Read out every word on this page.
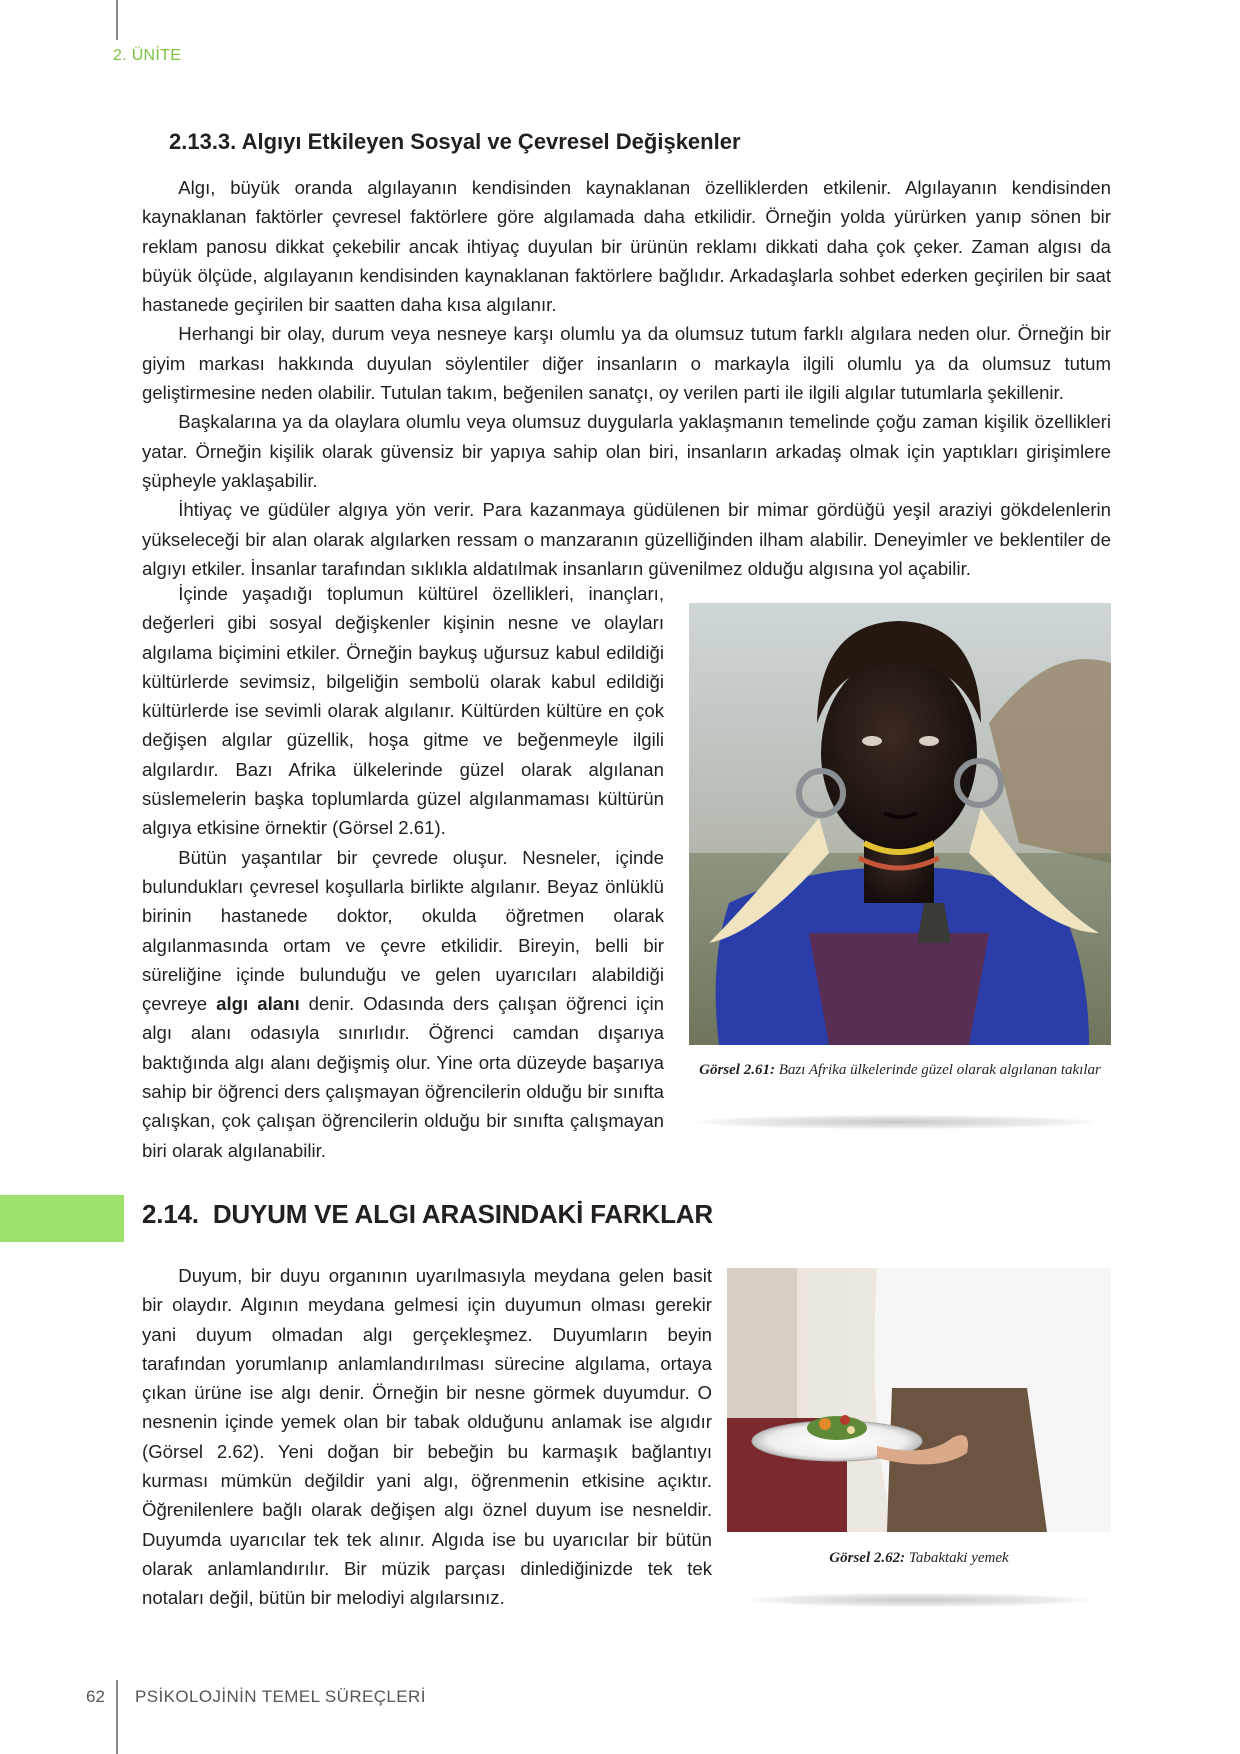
2. ÜNİTE
2.13.3. Algıyı Etkileyen Sosyal ve Çevresel Değişkenler

Algı, büyük oranda algılayanın kendisinden kaynaklanan özelliklerden etkilenir. Algılayanın kendisinden kaynaklanan faktörler çevresel faktörlere göre algılamada daha etkilidir. Örneğin yolda yürürken yanıp sönen bir reklam panosu dikkat çekebilir ancak ihtiyaç duyulan bir ürünün reklamı dikkati daha çok çeker. Zaman algısı da büyük ölçüde, algılayanın kendisinden kaynaklanan faktörlere bağlıdır. Arkadaşlarla sohbet ederken geçirilen bir saat hastanede geçirilen bir saatten daha kısa algılanır.

Herhangi bir olay, durum veya nesneye karşı olumlu ya da olumsuz tutum farklı algılara neden olur. Örneğin bir giyim markası hakkında duyulan söylentiler diğer insanların o markayla ilgili olumlu ya da olumsuz tutum geliştirmesine neden olabilir. Tutulan takım, beğenilen sanatçı, oy verilen parti ile ilgili algılar tutumlarla şekillenir.

Başkalarına ya da olaylara olumlu veya olumsuz duygularla yaklaşmanın temelinde çoğu zaman kişilik özellikleri yatar. Örneğin kişilik olarak güvensiz bir yapıya sahip olan biri, insanların arkadaş olmak için yaptıkları girişimlere şüpheyle yaklaşabilir.

İhtiyaç ve güdüler algıya yön verir. Para kazanmaya güdülenen bir mimar gördüğü yeşil araziyi gökdelenlerin yükseleceği bir alan olarak algılarken ressam o manzaranın güzelliğinden ilham alabilir. Deneyimler ve beklentiler de algıyı etkiler. İnsanlar tarafından sıklıkla aldatılmak insanların güvenilmez olduğu algısına yol açabilir.

İçinde yaşadığı toplumun kültürel özellikleri, inançları, değerleri gibi sosyal değişkenler kişinin nesne ve olayları algılama biçimini etkiler. Örneğin baykuş uğursuz kabul edildiği kültürlerde sevimsiz, bilgeliğin sembolü olarak kabul edildiği kültürlerde ise sevimli olarak algılanır. Kültürden kültüre en çok değişen algılar güzellik, hoşa gitme ve beğenmeyle ilgili algılardır. Bazı Afrika ülkelerinde güzel olarak algılanan süslemelerin başka toplumlarda güzel algılanmaması kültürün algıya etkisine örnektir (Görsel 2.61).

Bütün yaşantılar bir çevrede oluşur. Nesneler, içinde bulundukları çevresel koşullarla birlikte algılanır. Beyaz önlüklü birinin hastanede doktor, okulda öğretmen olarak algılanmasında ortam ve çevre etkilidir. Bireyin, belli bir süreliğine içinde bulunduğu ve gelen uyarıcıları alabildiği çevreye algı alanı denir. Odasında ders çalışan öğrenci için algı alanı odasıyla sınırlıdır. Öğrenci camdan dışarıya baktığında algı alanı değişmiş olur. Yine orta düzeyde başarıya sahip bir öğrenci ders çalışmayan öğrencilerin olduğu bir sınıfta çalışkan, çok çalışan öğrencilerin olduğu bir sınıfta çalışmayan biri olarak algılanabilir.

Görsel 2.61: Bazı Afrika ülkelerinde güzel olarak algılanan takılar
2.14. DUYUM VE ALGI ARASINDAKİ FARKLAR

Duyum, bir duyu organının uyarılmasıyla meydana gelen basit bir olaydır. Algının meydana gelmesi için duyumun olması gerekir yani duyum olmadan algı gerçekleşmez. Duyumların beyin tarafından yorumlanıp anlamlandırılması sürecine algılama, ortaya çıkan ürüne ise algı denir. Örneğin bir nesne görmek duyumdur. O nesnenin içinde yemek olan bir tabak olduğunu anlamak ise algıdır (Görsel 2.62). Yeni doğan bir bebeğin bu karmaşık bağlantıyı kurması mümkün değildir yani algı, öğrenmenin etkisine açıktır. Öğrenilenlere bağlı olarak değişen algı öznel duyum ise nesneldir. Duyumda uyarıcılar tek tek alınır. Algıda ise bu uyarıcılar bir bütün olarak anlamlandırılır. Bir müzik parçası dinlediğinizde tek tek notaları değil, bütün bir melodiyi algılarsınız.

Görsel 2.62: Tabaktaki yemek
62 PSİKOLOJİNİN TEMEL SÜREÇLERİ
